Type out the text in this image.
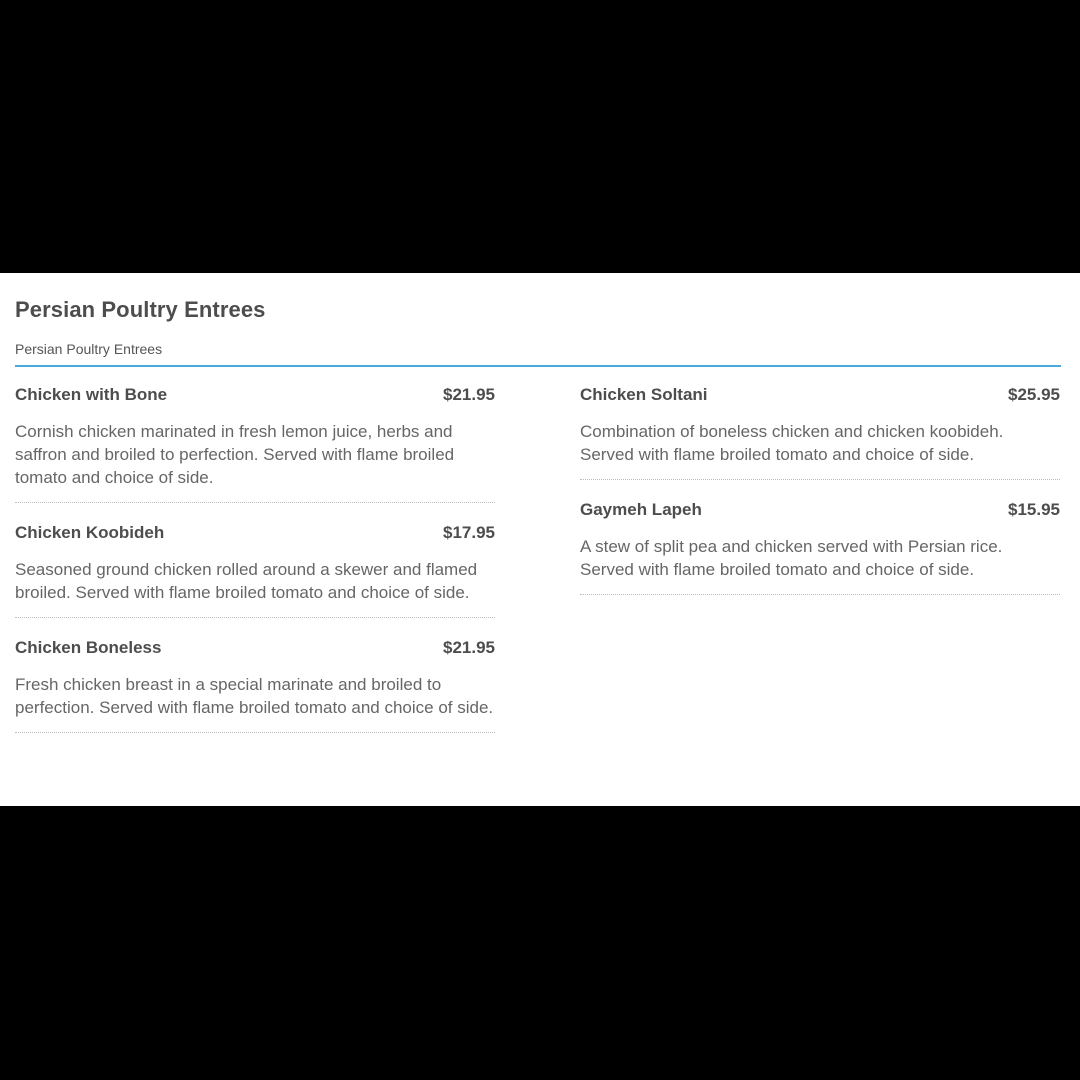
Persian Poultry Entrees
Persian Poultry Entrees
Chicken with Bone	$21.95
Cornish chicken marinated in fresh lemon juice, herbs and saffron and broiled to perfection. Served with flame broiled tomato and choice of side.
Chicken Koobideh	$17.95
Seasoned ground chicken rolled around a skewer and flamed broiled. Served with flame broiled tomato and choice of side.
Chicken Boneless	$21.95
Fresh chicken breast in a special marinate and broiled to perfection. Served with flame broiled tomato and choice of side.
Chicken Soltani	$25.95
Combination of boneless chicken and chicken koobideh. Served with flame broiled tomato and choice of side.
Gaymeh Lapeh	$15.95
A stew of split pea and chicken served with Persian rice. Served with flame broiled tomato and choice of side.
